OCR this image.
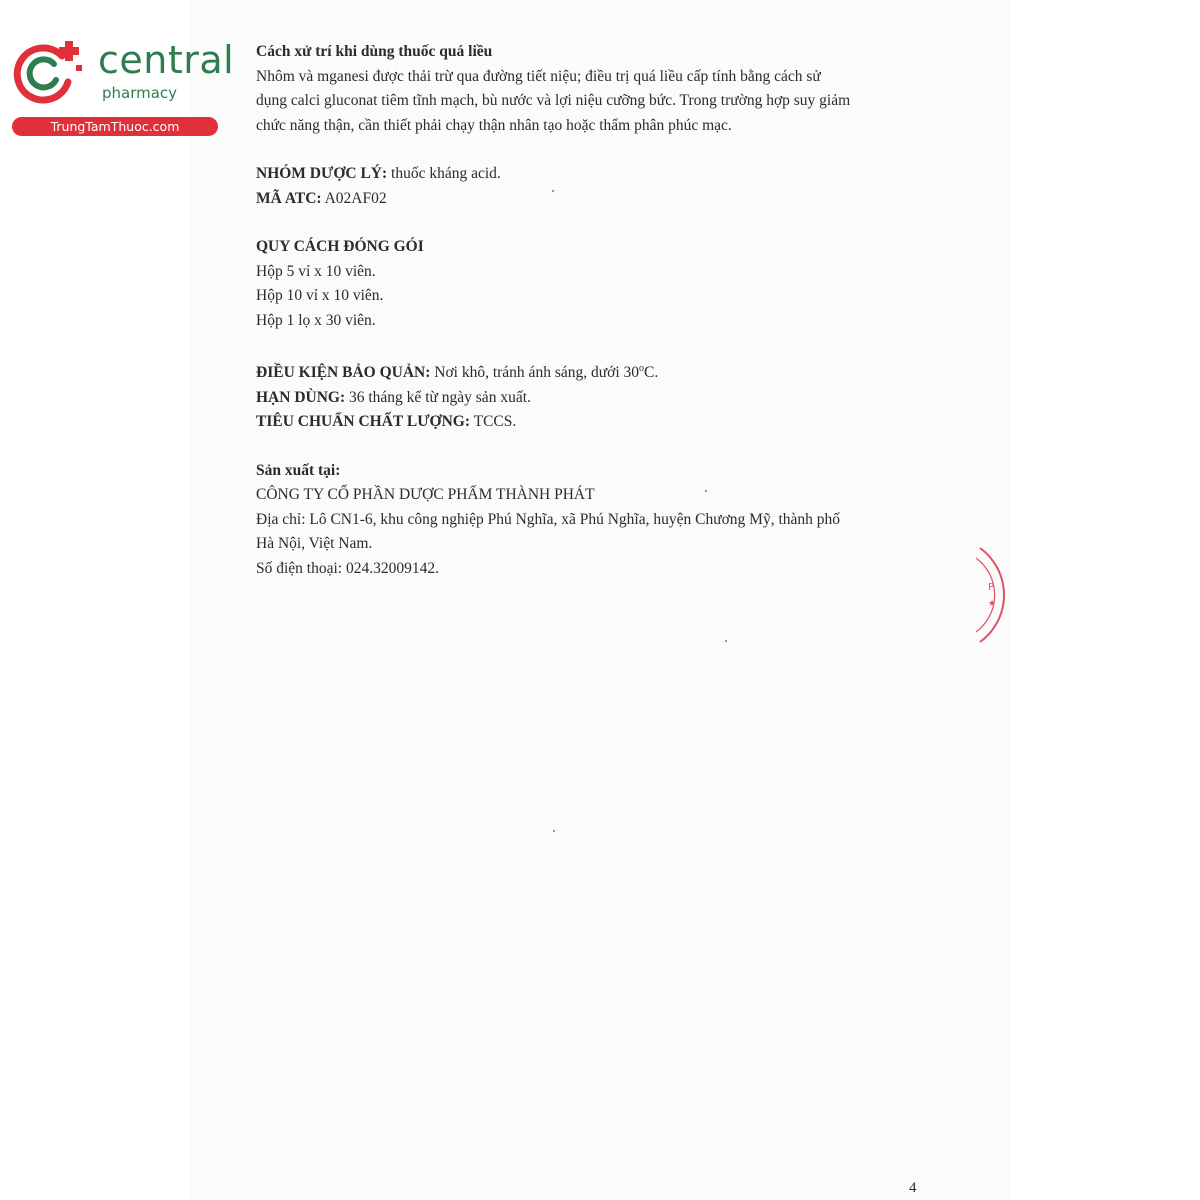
central
pharmacy
TrungTamThuoc.com
Cách xử trí khi dùng thuốc quá liều
Nhôm và mganesi được thải trừ qua đường tiết niệu; điều trị quá liều cấp tính bằng cách sử
dụng calci gluconat tiêm tĩnh mạch, bù nước và lợi niệu cưỡng bức. Trong trường hợp suy giảm
chức năng thận, cần thiết phải chạy thận nhân tạo hoặc thẩm phân phúc mạc.
NHÓM DƯỢC LÝ: thuốc kháng acid.
MÃ ATC: A02AF02
QUY CÁCH ĐÓNG GÓI
Hộp 5 vỉ x 10 viên.
Hộp 10 vỉ x 10 viên.
Hộp 1 lọ x 30 viên.
ĐIỀU KIỆN BẢO QUẢN: Nơi khô, tránh ánh sáng, dưới 30$^o$C.
HẠN DÙNG: 36 tháng kể từ ngày sản xuất.
TIÊU CHUẨN CHẤT LƯỢNG: TCCS.
Sản xuất tại:
CÔNG TY CỔ PHẦN DƯỢC PHẨM THÀNH PHÁT
Địa chỉ: Lô CN1-6, khu công nghiệp Phú Nghĩa, xã Phú Nghĩa, huyện Chương Mỹ, thành phố
Hà Nội, Việt Nam.
Số điện thoại: 024.32009142.
P
★
4
